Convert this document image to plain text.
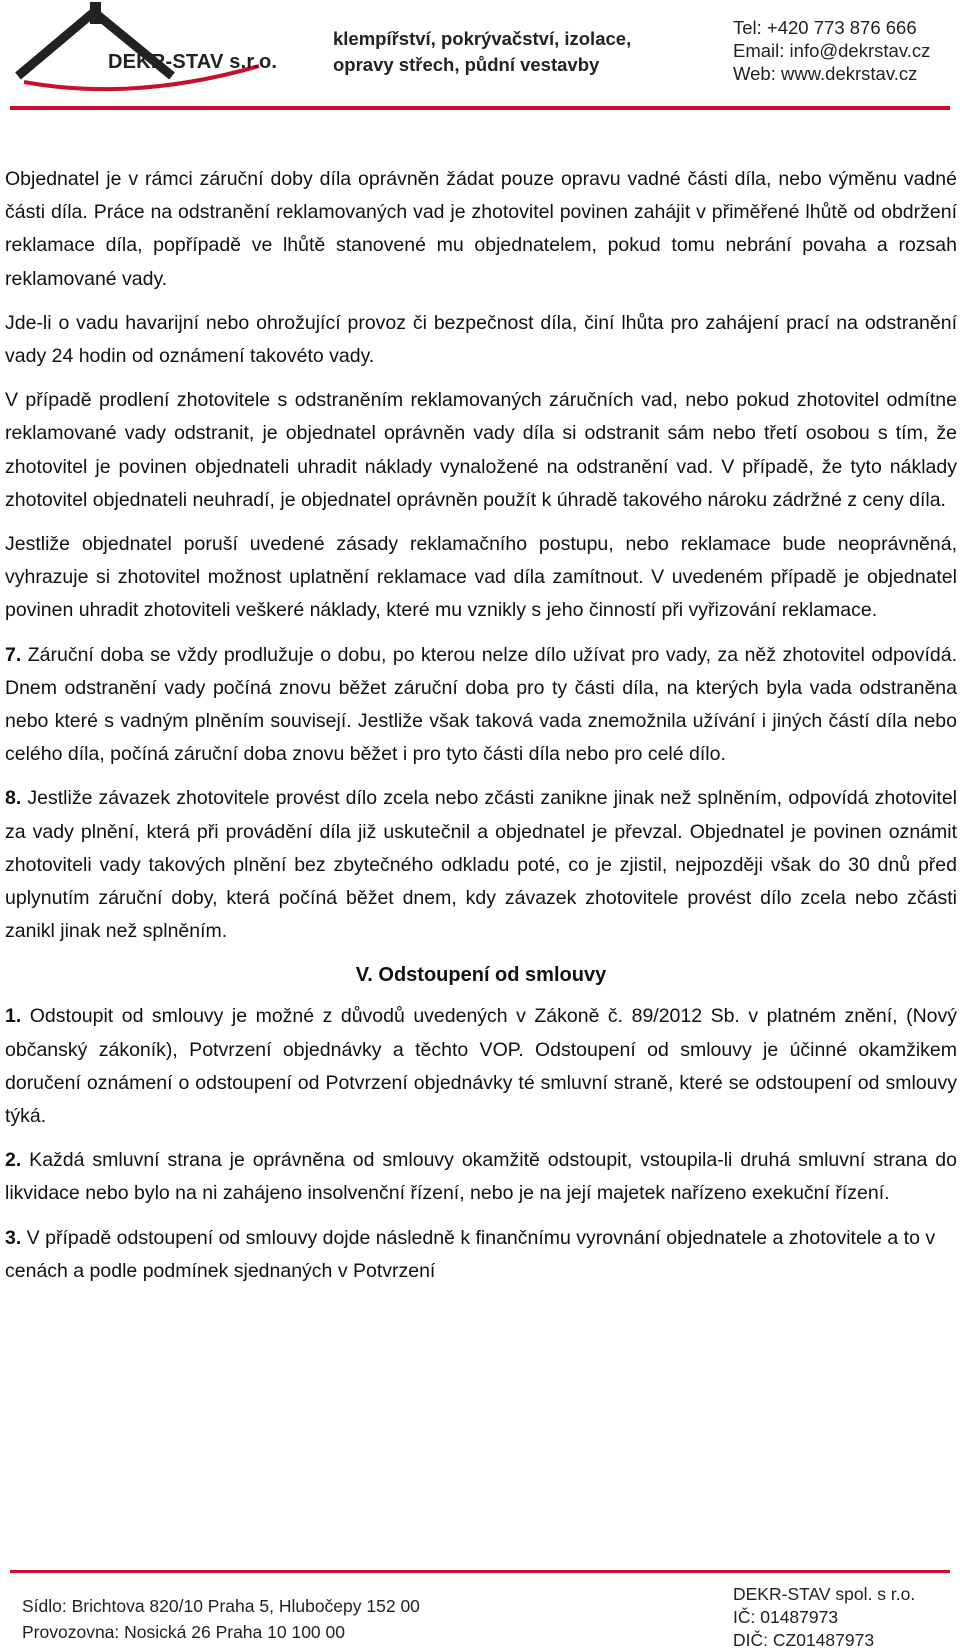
DEKR-STAV s.r.o.
klempířství, pokrývačství, izolace,
opravy střech, půdní vestavby
Tel: +420 773 876 666
Email: info@dekrstav.cz
Web: www.dekrstav.cz

Objednatel je v rámci záruční doby díla oprávněn žádat pouze opravu vadné části díla, nebo výměnu vadné části díla. Práce na odstranění reklamovaných vad je zhotovitel povinen zahájit v přiměřené lhůtě od obdržení reklamace díla, popřípadě ve lhůtě stanovené mu objednatelem, pokud tomu nebrání povaha a rozsah reklamované vady.

Jde-li o vadu havarijní nebo ohrožující provoz či bezpečnost díla, činí lhůta pro zahájení prací na odstranění vady 24 hodin od oznámení takovéto vady.

V případě prodlení zhotovitele s odstraněním reklamovaných záručních vad, nebo pokud zhotovitel odmítne reklamované vady odstranit, je objednatel oprávněn vady díla si odstranit sám nebo třetí osobou s tím, že zhotovitel je povinen objednateli uhradit náklady vynaložené na odstranění vad. V případě, že tyto náklady zhotovitel objednateli neuhradí, je objednatel oprávněn použít k úhradě takového nároku zádržné z ceny díla.

Jestliže objednatel poruší uvedené zásady reklamačního postupu, nebo reklamace bude neoprávněná, vyhrazuje si zhotovitel možnost uplatnění reklamace vad díla zamítnout. V uvedeném případě je objednatel povinen uhradit zhotoviteli veškeré náklady, které mu vznikly s jeho činností při vyřizování reklamace.

7. Záruční doba se vždy prodlužuje o dobu, po kterou nelze dílo užívat pro vady, za něž zhotovitel odpovídá. Dnem odstranění vady počíná znovu běžet záruční doba pro ty části díla, na kterých byla vada odstraněna nebo které s vadným plněním souvisejí. Jestliže však taková vada znemožnila užívání i jiných částí díla nebo celého díla, počíná záruční doba znovu běžet i pro tyto části díla nebo pro celé dílo.

8. Jestliže závazek zhotovitele provést dílo zcela nebo zčásti zanikne jinak než splněním, odpovídá zhotovitel za vady plnění, která při provádění díla již uskutečnil a objednatel je převzal. Objednatel je povinen oznámit zhotoviteli vady takových plnění bez zbytečného odkladu poté, co je zjistil, nejpozději však do 30 dnů před uplynutím záruční doby, která počíná běžet dnem, kdy závazek zhotovitele provést dílo zcela nebo zčásti zanikl jinak než splněním.

V. Odstoupení od smlouvy

1. Odstoupit od smlouvy je možné z důvodů uvedených v Zákoně č. 89/2012 Sb. v platném znění, (Nový občanský zákoník), Potvrzení objednávky a těchto VOP. Odstoupení od smlouvy je účinné okamžikem doručení oznámení o odstoupení od Potvrzení objednávky té smluvní straně, které se odstoupení od smlouvy týká.

2. Každá smluvní strana je oprávněna od smlouvy okamžitě odstoupit, vstoupila-li druhá smluvní strana do likvidace nebo bylo na ni zahájeno insolvenční řízení, nebo je na její majetek nařízeno exekuční řízení.

3. V případě odstoupení od smlouvy dojde následně k finančnímu vyrovnání objednatele a zhotovitele a to v cenách a podle podmínek sjednaných v Potvrzení

Sídlo: Brichtova 820/10 Praha 5, Hlubočepy 152 00
Provozovna: Nosická 26 Praha 10 100 00
DEKR-STAV spol. s r.o.
IČ: 01487973
DIČ: CZ01487973
